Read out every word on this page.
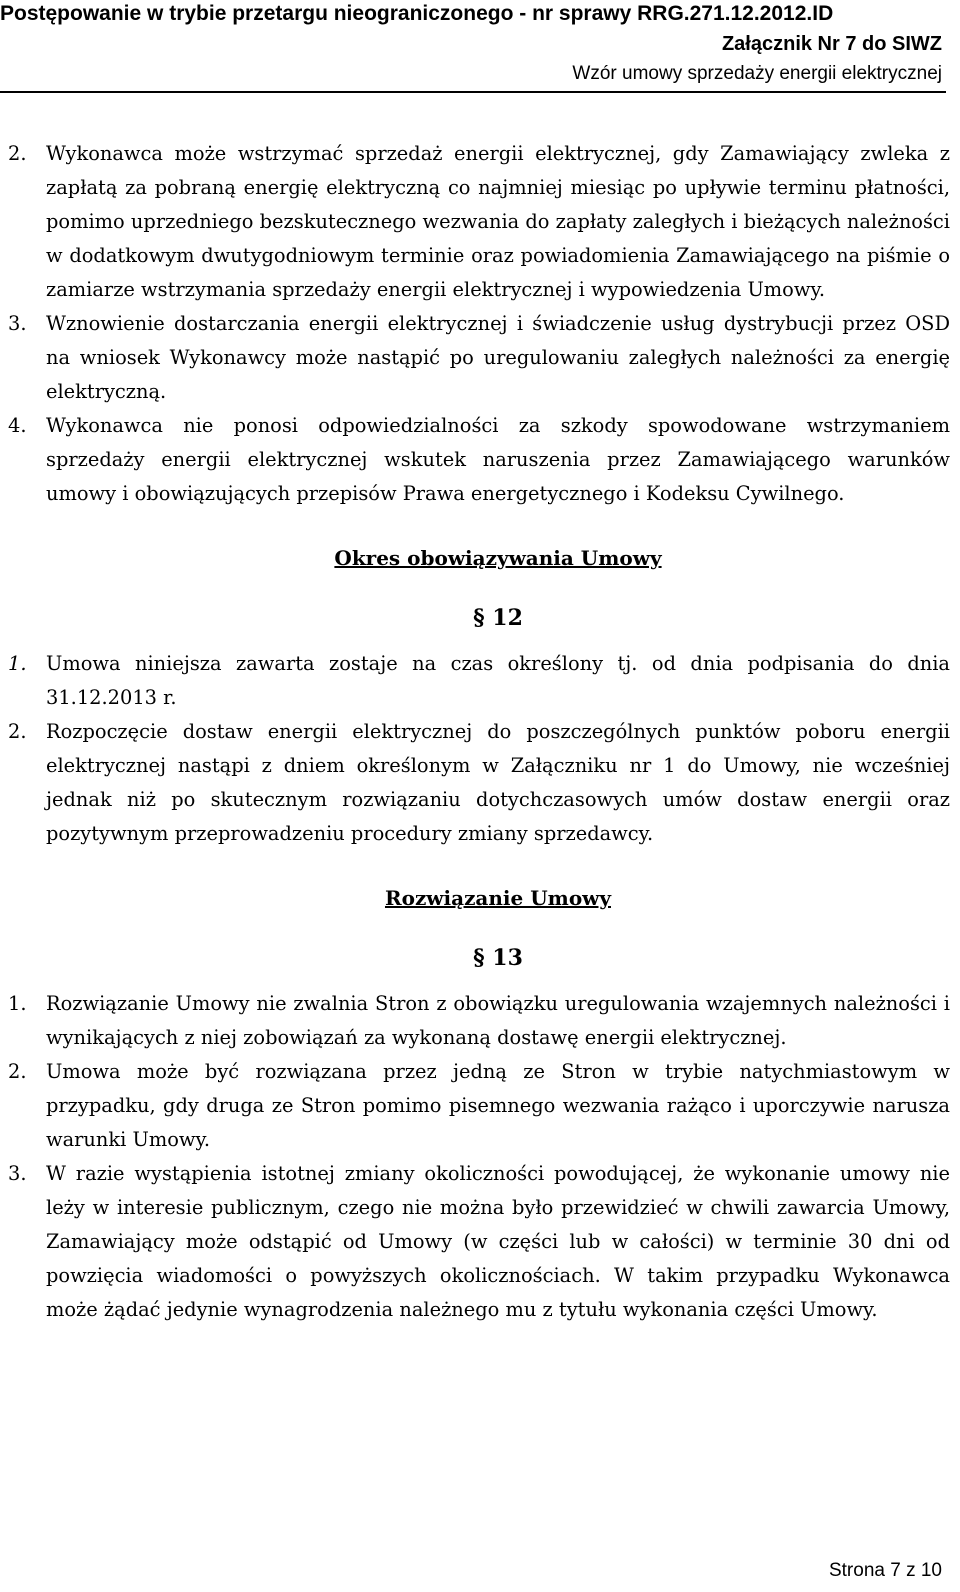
Postępowanie w trybie przetargu nieograniczonego - nr sprawy RRG.271.12.2012.ID
Załącznik Nr 7 do SIWZ
Wzór umowy sprzedaży energii elektrycznej
2. Wykonawca może wstrzymać sprzedaż energii elektrycznej, gdy Zamawiający zwleka z zapłatą za pobraną energię elektryczną co najmniej miesiąc po upływie terminu płatności, pomimo uprzedniego bezskutecznego wezwania do zapłaty zaległych i bieżących należności w dodatkowym dwutygodniowym terminie oraz powiadomienia Zamawiającego na piśmie o zamiarze wstrzymania sprzedaży energii elektrycznej i wypowiedzenia Umowy.
3. Wznowienie dostarczania energii elektrycznej i świadczenie usług dystrybucji przez OSD na wniosek Wykonawcy może nastąpić po uregulowaniu zaległych należności za energię elektryczną.
4. Wykonawca nie ponosi odpowiedzialności za szkody spowodowane wstrzymaniem sprzedaży energii elektrycznej wskutek naruszenia przez Zamawiającego warunków umowy i obowiązujących przepisów Prawa energetycznego i Kodeksu Cywilnego.
Okres obowiązywania Umowy
§ 12
1. Umowa niniejsza zawarta zostaje na czas określony tj. od dnia podpisania do dnia 31.12.2013 r.
2. Rozpoczęcie dostaw energii elektrycznej do poszczególnych punktów poboru energii elektrycznej nastąpi z dniem określonym w Załączniku nr 1 do Umowy, nie wcześniej jednak niż po skutecznym rozwiązaniu dotychczasowych umów dostaw energii oraz pozytywnym przeprowadzeniu procedury zmiany sprzedawcy.
Rozwiązanie Umowy
§ 13
1. Rozwiązanie Umowy nie zwalnia Stron z obowiązku uregulowania wzajemnych należności i wynikających z niej zobowiązań za wykonaną dostawę energii elektrycznej.
2. Umowa może być rozwiązana przez jedną ze Stron w trybie natychmiastowym w przypadku, gdy druga ze Stron pomimo pisemnego wezwania rażąco i uporczywie narusza warunki Umowy.
3. W razie wystąpienia istotnej zmiany okoliczności powodującej, że wykonanie umowy nie leży w interesie publicznym, czego nie można było przewidzieć w chwili zawarcia Umowy, Zamawiający może odstąpić od Umowy (w części lub w całości) w terminie 30 dni od powzięcia wiadomości o powyższych okolicznościach. W takim przypadku Wykonawca może żądać jedynie wynagrodzenia należnego mu z tytułu wykonania części Umowy.
Strona 7 z 10
